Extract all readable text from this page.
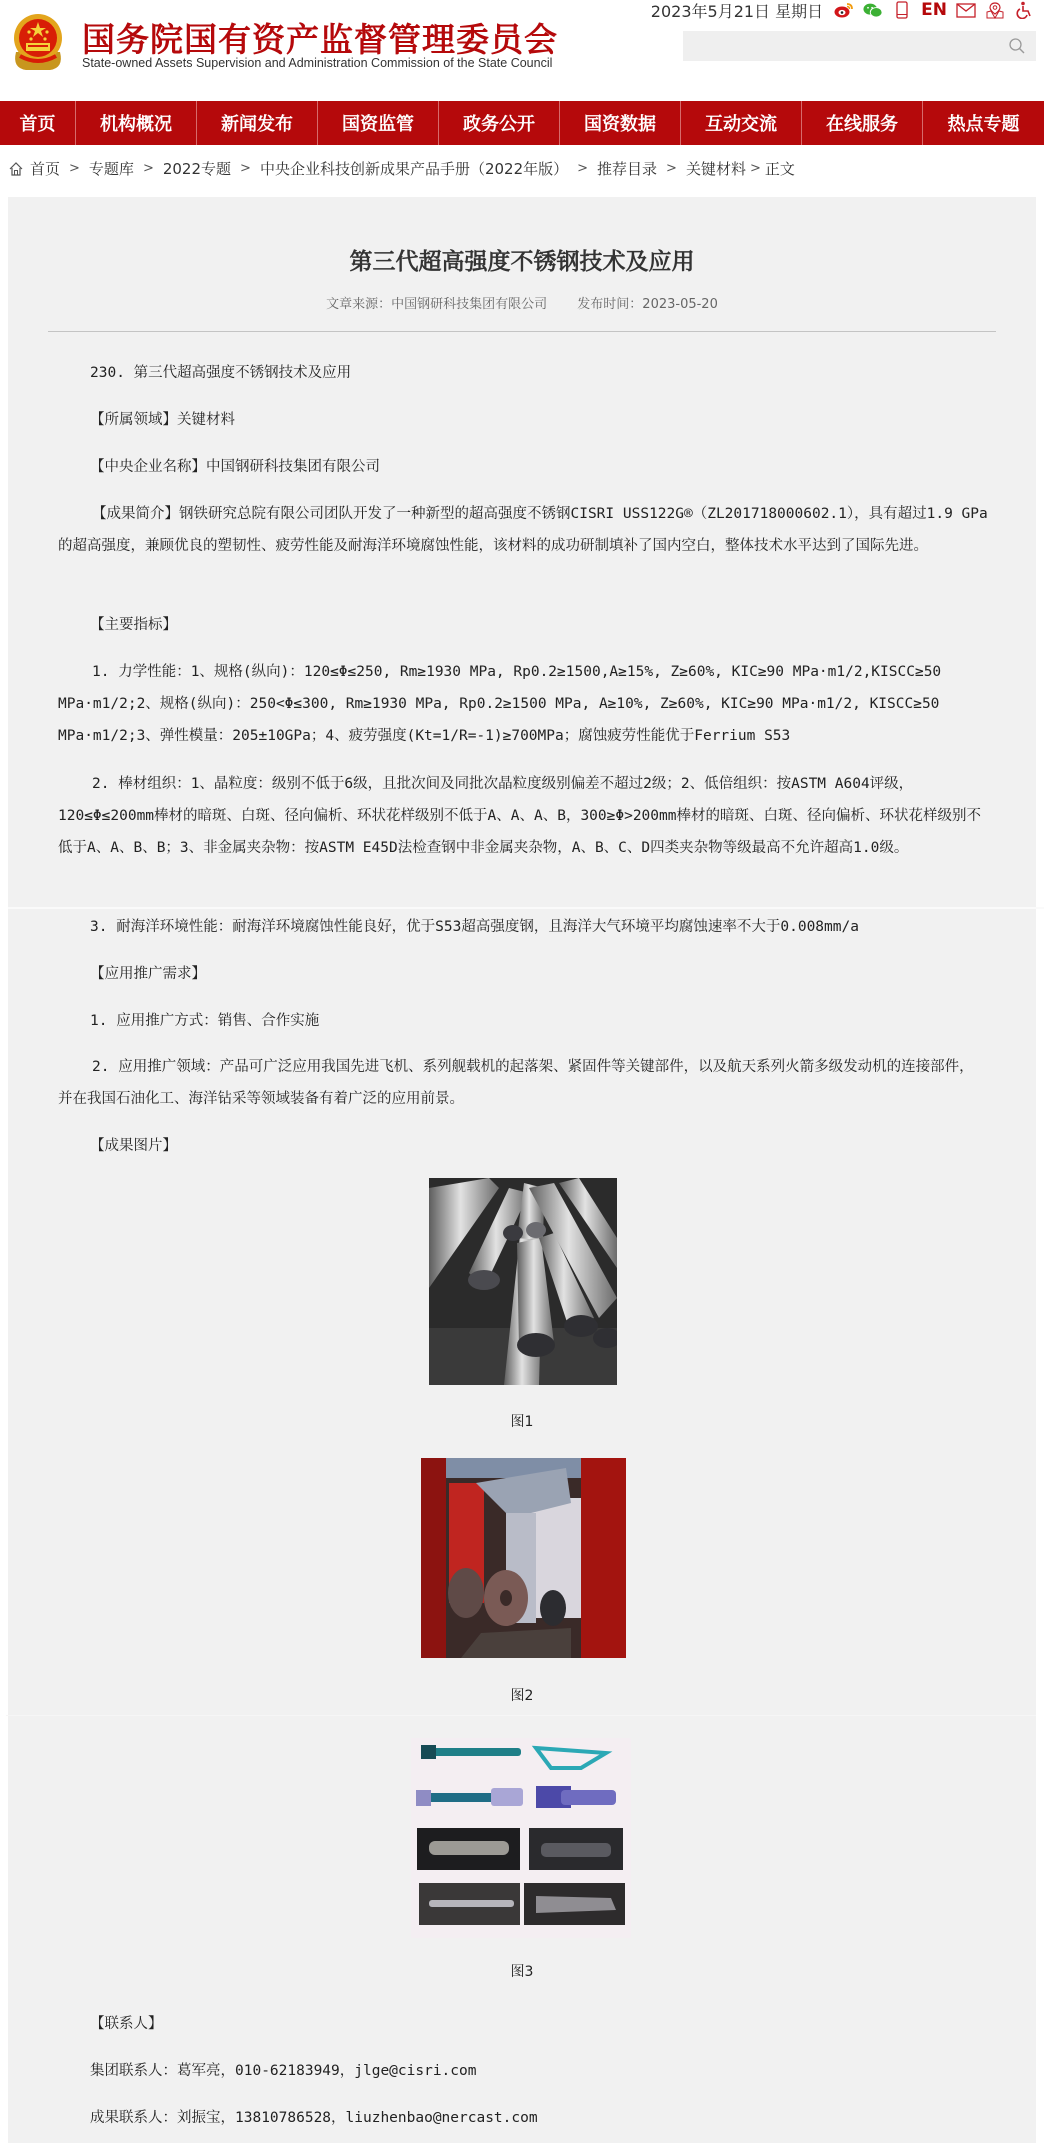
国务院国有资产监督管理委员会
State-owned Assets Supervision and Administration Commission of the State Council
2023年5月21日 星期日	EN
首页	机构概况	新闻发布	国资监管	政务公开	国资数据	互动交流	在线服务	热点专题
首页 > 专题库 > 2022专题 > 中央企业科技创新成果产品手册（2022年版） > 推荐目录 > 关键材料 > 正文
第三代超高强度不锈钢技术及应用
文章来源：中国钢研科技集团有限公司 发布时间：2023-05-20
230. 第三代超高强度不锈钢技术及应用
【所属领域】关键材料
【中央企业名称】中国钢研科技集团有限公司
【成果简介】钢铁研究总院有限公司团队开发了一种新型的超高强度不锈钢CISRI USS122G®（ZL201718000602.1），具有超过1.9 GPa的超高强度，兼顾优良的塑韧性、疲劳性能及耐海洋环境腐蚀性能，该材料的成功研制填补了国内空白，整体技术水平达到了国际先进。
【主要指标】
1. 力学性能：1、规格(纵向)：120≤Φ≤250, Rm≥1930 MPa, Rp0.2≥1500,A≥15%, Z≥60%, KIC≥90 MPa·m1/2,KISCC≥50 MPa·m1/2;2、规格(纵向)：250<Φ≤300, Rm≥1930 MPa, Rp0.2≥1500 MPa, A≥10%, Z≥60%, KIC≥90 MPa·m1/2, KISCC≥50 MPa·m1/2;3、弹性模量：205±10GPa；4、疲劳强度(Kt=1/R=-1)≥700MPa；腐蚀疲劳性能优于Ferrium S53
2. 棒材组织：1、晶粒度：级别不低于6级，且批次间及同批次晶粒度级别偏差不超过2级；2、低倍组织：按ASTM A604评级，120≤Φ≤200mm棒材的暗斑、白斑、径向偏析、环状花样级别不低于A、A、A、B，300≥Φ>200mm棒材的暗斑、白斑、径向偏析、环状花样级别不低于A、A、B、B；3、非金属夹杂物：按ASTM E45D法检查钢中非金属夹杂物，A、B、C、D四类夹杂物等级最高不允许超高1.0级。
3. 耐海洋环境性能：耐海洋环境腐蚀性能良好，优于S53超高强度钢，且海洋大气环境平均腐蚀速率不大于0.008mm/a
【应用推广需求】
1. 应用推广方式：销售、合作实施
2. 应用推广领域：产品可广泛应用我国先进飞机、系列舰载机的起落架、紧固件等关键部件，以及航天系列火箭多级发动机的连接部件，并在我国石油化工、海洋钻采等领域装备有着广泛的应用前景。
【成果图片】
图1
图2
图3
【联系人】
集团联系人：葛军亮，010-62183949，jlge@cisri.com
成果联系人：刘振宝，13810786528，liuzhenbao@nercast.com
